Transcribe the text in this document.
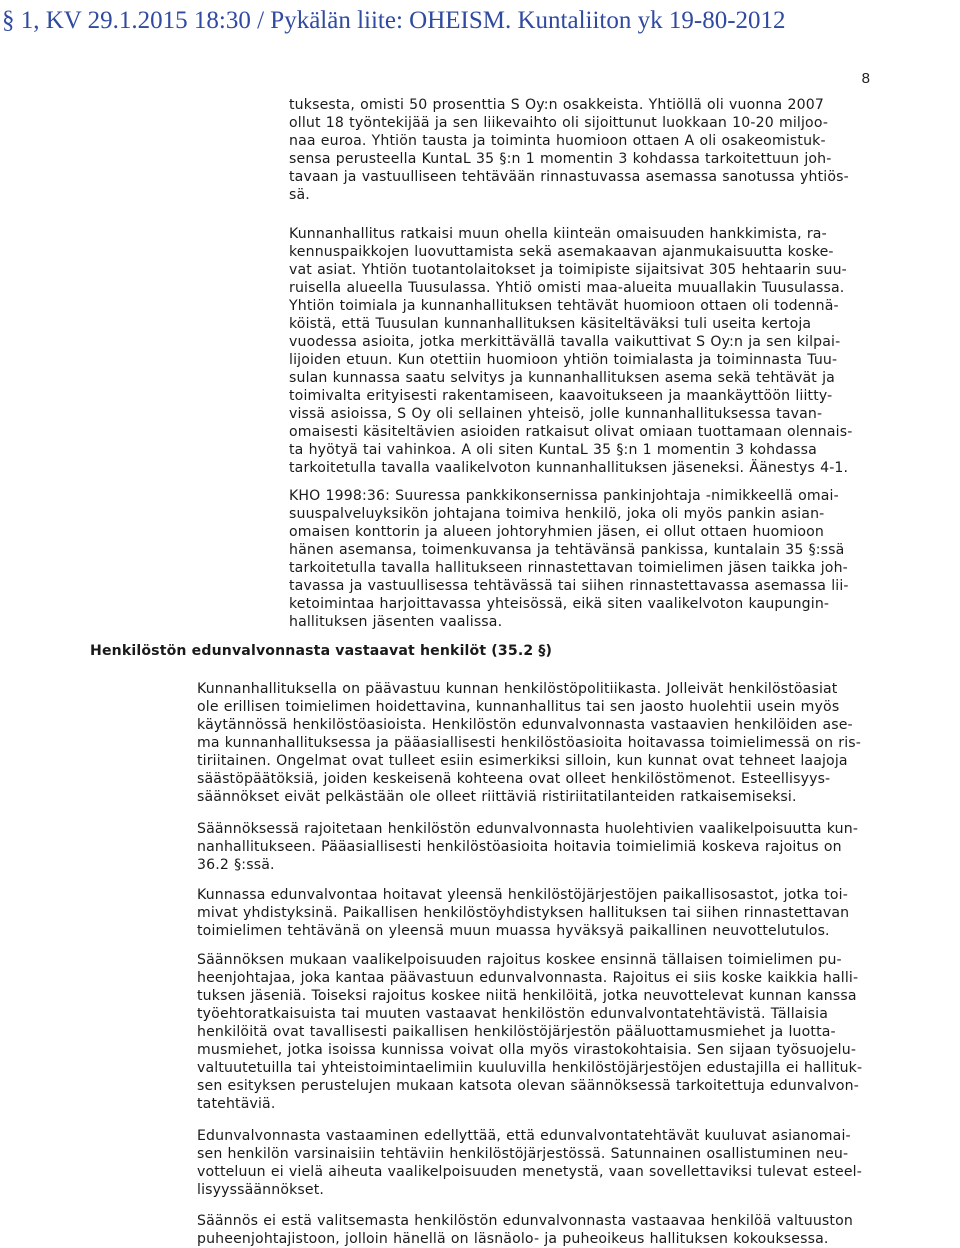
§ 1, KV 29.1.2015 18:30 / Pykälän liite: OHEISM. Kuntaliiton yk 19-80-2012
8
tuksesta, omisti 50 prosenttia S Oy:n osakkeista. Yhtiöllä oli vuonna 2007
ollut 18 työntekijää ja sen liikevaihto oli sijoittunut luokkaan 10-20 miljoo-
naa euroa. Yhtiön tausta ja toiminta huomioon ottaen A oli osakeomistuk-
sensa perusteella KuntaL 35 §:n 1 momentin 3 kohdassa tarkoitettuun joh-
tavaan ja vastuulliseen tehtävään rinnastuvassa asemassa sanotussa yhtiös-
sä.
Kunnanhallitus ratkaisi muun ohella kiinteän omaisuuden hankkimista, ra-
kennuspaikkojen luovuttamista sekä asemakaavan ajanmukaisuutta koske-
vat asiat. Yhtiön tuotantolaitokset ja toimipiste sijaitsivat 305 hehtaarin suu-
ruisella alueella Tuusulassa. Yhtiö omisti maa-alueita muuallakin Tuusulassa.
Yhtiön toimiala ja kunnanhallituksen tehtävät huomioon ottaen oli todennä-
köistä, että Tuusulan kunnanhallituksen käsiteltäväksi tuli useita kertoja
vuodessa asioita, jotka merkittävällä tavalla vaikuttivat S Oy:n ja sen kilpai-
lijoiden etuun. Kun otettiin huomioon yhtiön toimialasta ja toiminnasta Tuu-
sulan kunnassa saatu selvitys ja kunnanhallituksen asema sekä tehtävät ja
toimivalta erityisesti rakentamiseen, kaavoitukseen ja maankäyttöön liitty-
vissä asioissa, S Oy oli sellainen yhteisö, jolle kunnanhallituksessa tavan-
omaisesti käsiteltävien asioiden ratkaisut olivat omiaan tuottamaan olennais-
ta hyötyä tai vahinkoa. A oli siten KuntaL 35 §:n 1 momentin 3 kohdassa
tarkoitetulla tavalla vaalikelvoton kunnanhallituksen jäseneksi. Äänestys 4-1.
KHO 1998:36: Suuressa pankkikonsernissa pankinjohtaja -nimikkeellä omai-
suuspalveluyksikön johtajana toimiva henkilö, joka oli myös pankin asian-
omaisen konttorin ja alueen johtoryhmien jäsen, ei ollut ottaen huomioon
hänen asemansa, toimenkuvansa ja tehtävänsä pankissa, kuntalain 35 §:ssä
tarkoitetulla tavalla hallitukseen rinnastettavan toimielimen jäsen taikka joh-
tavassa ja vastuullisessa tehtävässä tai siihen rinnastettavassa asemassa lii-
ketoimintaa harjoittavassa yhteisössä, eikä siten vaalikelvoton kaupungin-
hallituksen jäsenten vaalissa.
Henkilöstön edunvalvonnasta vastaavat henkilöt (35.2 §)
Kunnanhallituksella on päävastuu kunnan henkilöstöpolitiikasta. Jolleivät henkilöstöasiat
ole erillisen toimielimen hoidettavina, kunnanhallitus tai sen jaosto huolehtii usein myös
käytännössä henkilöstöasioista. Henkilöstön edunvalvonnasta vastaavien henkilöiden ase-
ma kunnanhallituksessa ja pääasiallisesti henkilöstöasioita hoitavassa toimielimessä on ris-
tiriitainen. Ongelmat ovat tulleet esiin esimerkiksi silloin, kun kunnat ovat tehneet laajoja
säästöpäätöksiä, joiden keskeisenä kohteena ovat olleet henkilöstömenot. Esteellisyys-
säännökset eivät pelkästään ole olleet riittäviä ristiriitatilanteiden ratkaisemiseksi.
Säännöksessä rajoitetaan henkilöstön edunvalvonnasta huolehtivien vaalikelpoisuutta kun-
nanhallitukseen. Pääasiallisesti henkilöstöasioita hoitavia toimielimiä koskeva rajoitus on
36.2 §:ssä.
Kunnassa edunvalvontaa hoitavat yleensä henkilöstöjärjestöjen paikallisosastot, jotka toi-
mivat yhdistyksinä. Paikallisen henkilöstöyhdistyksen hallituksen tai siihen rinnastettavan
toimielimen tehtävänä on yleensä muun muassa hyväksyä paikallinen neuvottelutulos.
Säännöksen mukaan vaalikelpoisuuden rajoitus koskee ensinnä tällaisen toimielimen pu-
heenjohtajaa, joka kantaa päävastuun edunvalvonnasta. Rajoitus ei siis koske kaikkia halli-
tuksen jäseniä. Toiseksi rajoitus koskee niitä henkilöitä, jotka neuvottelevat kunnan kanssa
työehtoratkaisuista tai muuten vastaavat henkilöstön edunvalvontatehtävistä. Tällaisia
henkilöitä ovat tavallisesti paikallisen henkilöstöjärjestön pääluottamusmiehet ja luotta-
musmiehet, jotka isoissa kunnissa voivat olla myös virastokohtaisia. Sen sijaan työsuojelu-
valtuutetuilla tai yhteistoimintaelimiin kuuluvilla henkilöstöjärjestöjen edustajilla ei hallituk-
sen esityksen perustelujen mukaan katsota olevan säännöksessä tarkoitettuja edunvalvon-
tatehtäviä.
Edunvalvonnasta vastaaminen edellyttää, että edunvalvontatehtävät kuuluvat asianomai-
sen henkilön varsinaisiin tehtäviin henkilöstöjärjestössä. Satunnainen osallistuminen neu-
votteluun ei vielä aiheuta vaalikelpoisuuden menetystä, vaan sovellettaviksi tulevat esteel-
lisyyssäännökset.
Säännös ei estä valitsemasta henkilöstön edunvalvonnasta vastaavaa henkilöä valtuuston
puheenjohtajistoon, jolloin hänellä on läsnäolo- ja puheoikeus hallituksen kokouksessa.
